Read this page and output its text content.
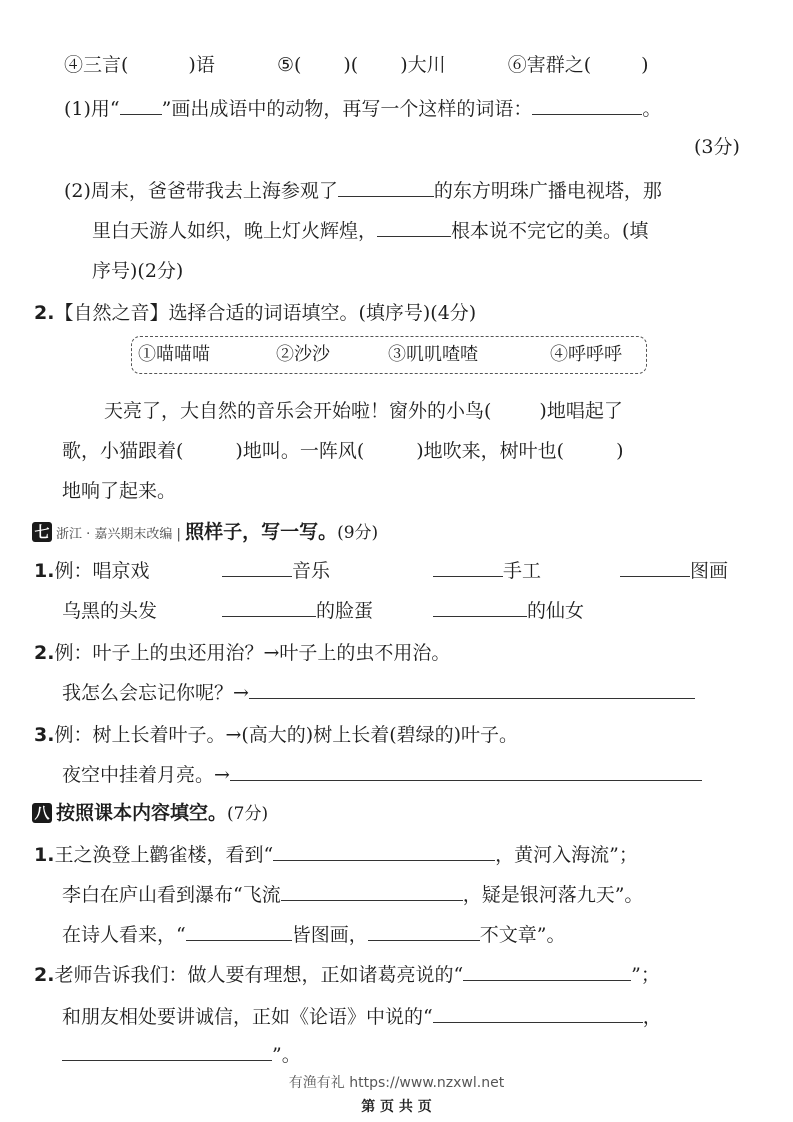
④三言(	)语	⑤( )( )大川	⑥害群之(	)
(1)用“ ”画出成语中的动物，再写一个这样的词语：	。
(3分)
(2)周末，爸爸带我去上海参观了	的东方明珠广播电视塔，那
里白天游人如织，晚上灯火辉煌，	根本说不完它的美。(填
序号)(2分)
2.【自然之音】选择合适的词语填空。(填序号)(4分)
①喵喵喵	②沙沙	③叽叽喳喳	④呼呼呼
天亮了，大自然的音乐会开始啦！窗外的小鸟(	)地唱起了
歌，小猫跟着(	)地叫。一阵风(	)地吹来，树叶也(	)
地响了起来。
七 浙江 · 嘉兴期末改编 | 照样子，写一写。(9分)
1.例：唱京戏	音乐	手工	图画
乌黑的头发	的脸蛋	的仙女
2.例：叶子上的虫还用治？→叶子上的虫不用治。
我怎么会忘记你呢？→
3.例：树上长着叶子。→(高大的)树上长着(碧绿的)叶子。
夜空中挂着月亮。→
八 按照课本内容填空。(7分)
1.王之涣登上鹳雀楼，看到“	，黄河入海流”；
李白在庐山看到瀑布“飞流	，疑是银河落九天”。
在诗人看来，“	皆图画，	不文章”。
2.老师告诉我们：做人要有理想，正如诸葛亮说的“	”；
和朋友相处要讲诚信，正如《论语》中说的“	，
”。
有渔有礼 https://www.nzxwl.net
第 页 共 页
